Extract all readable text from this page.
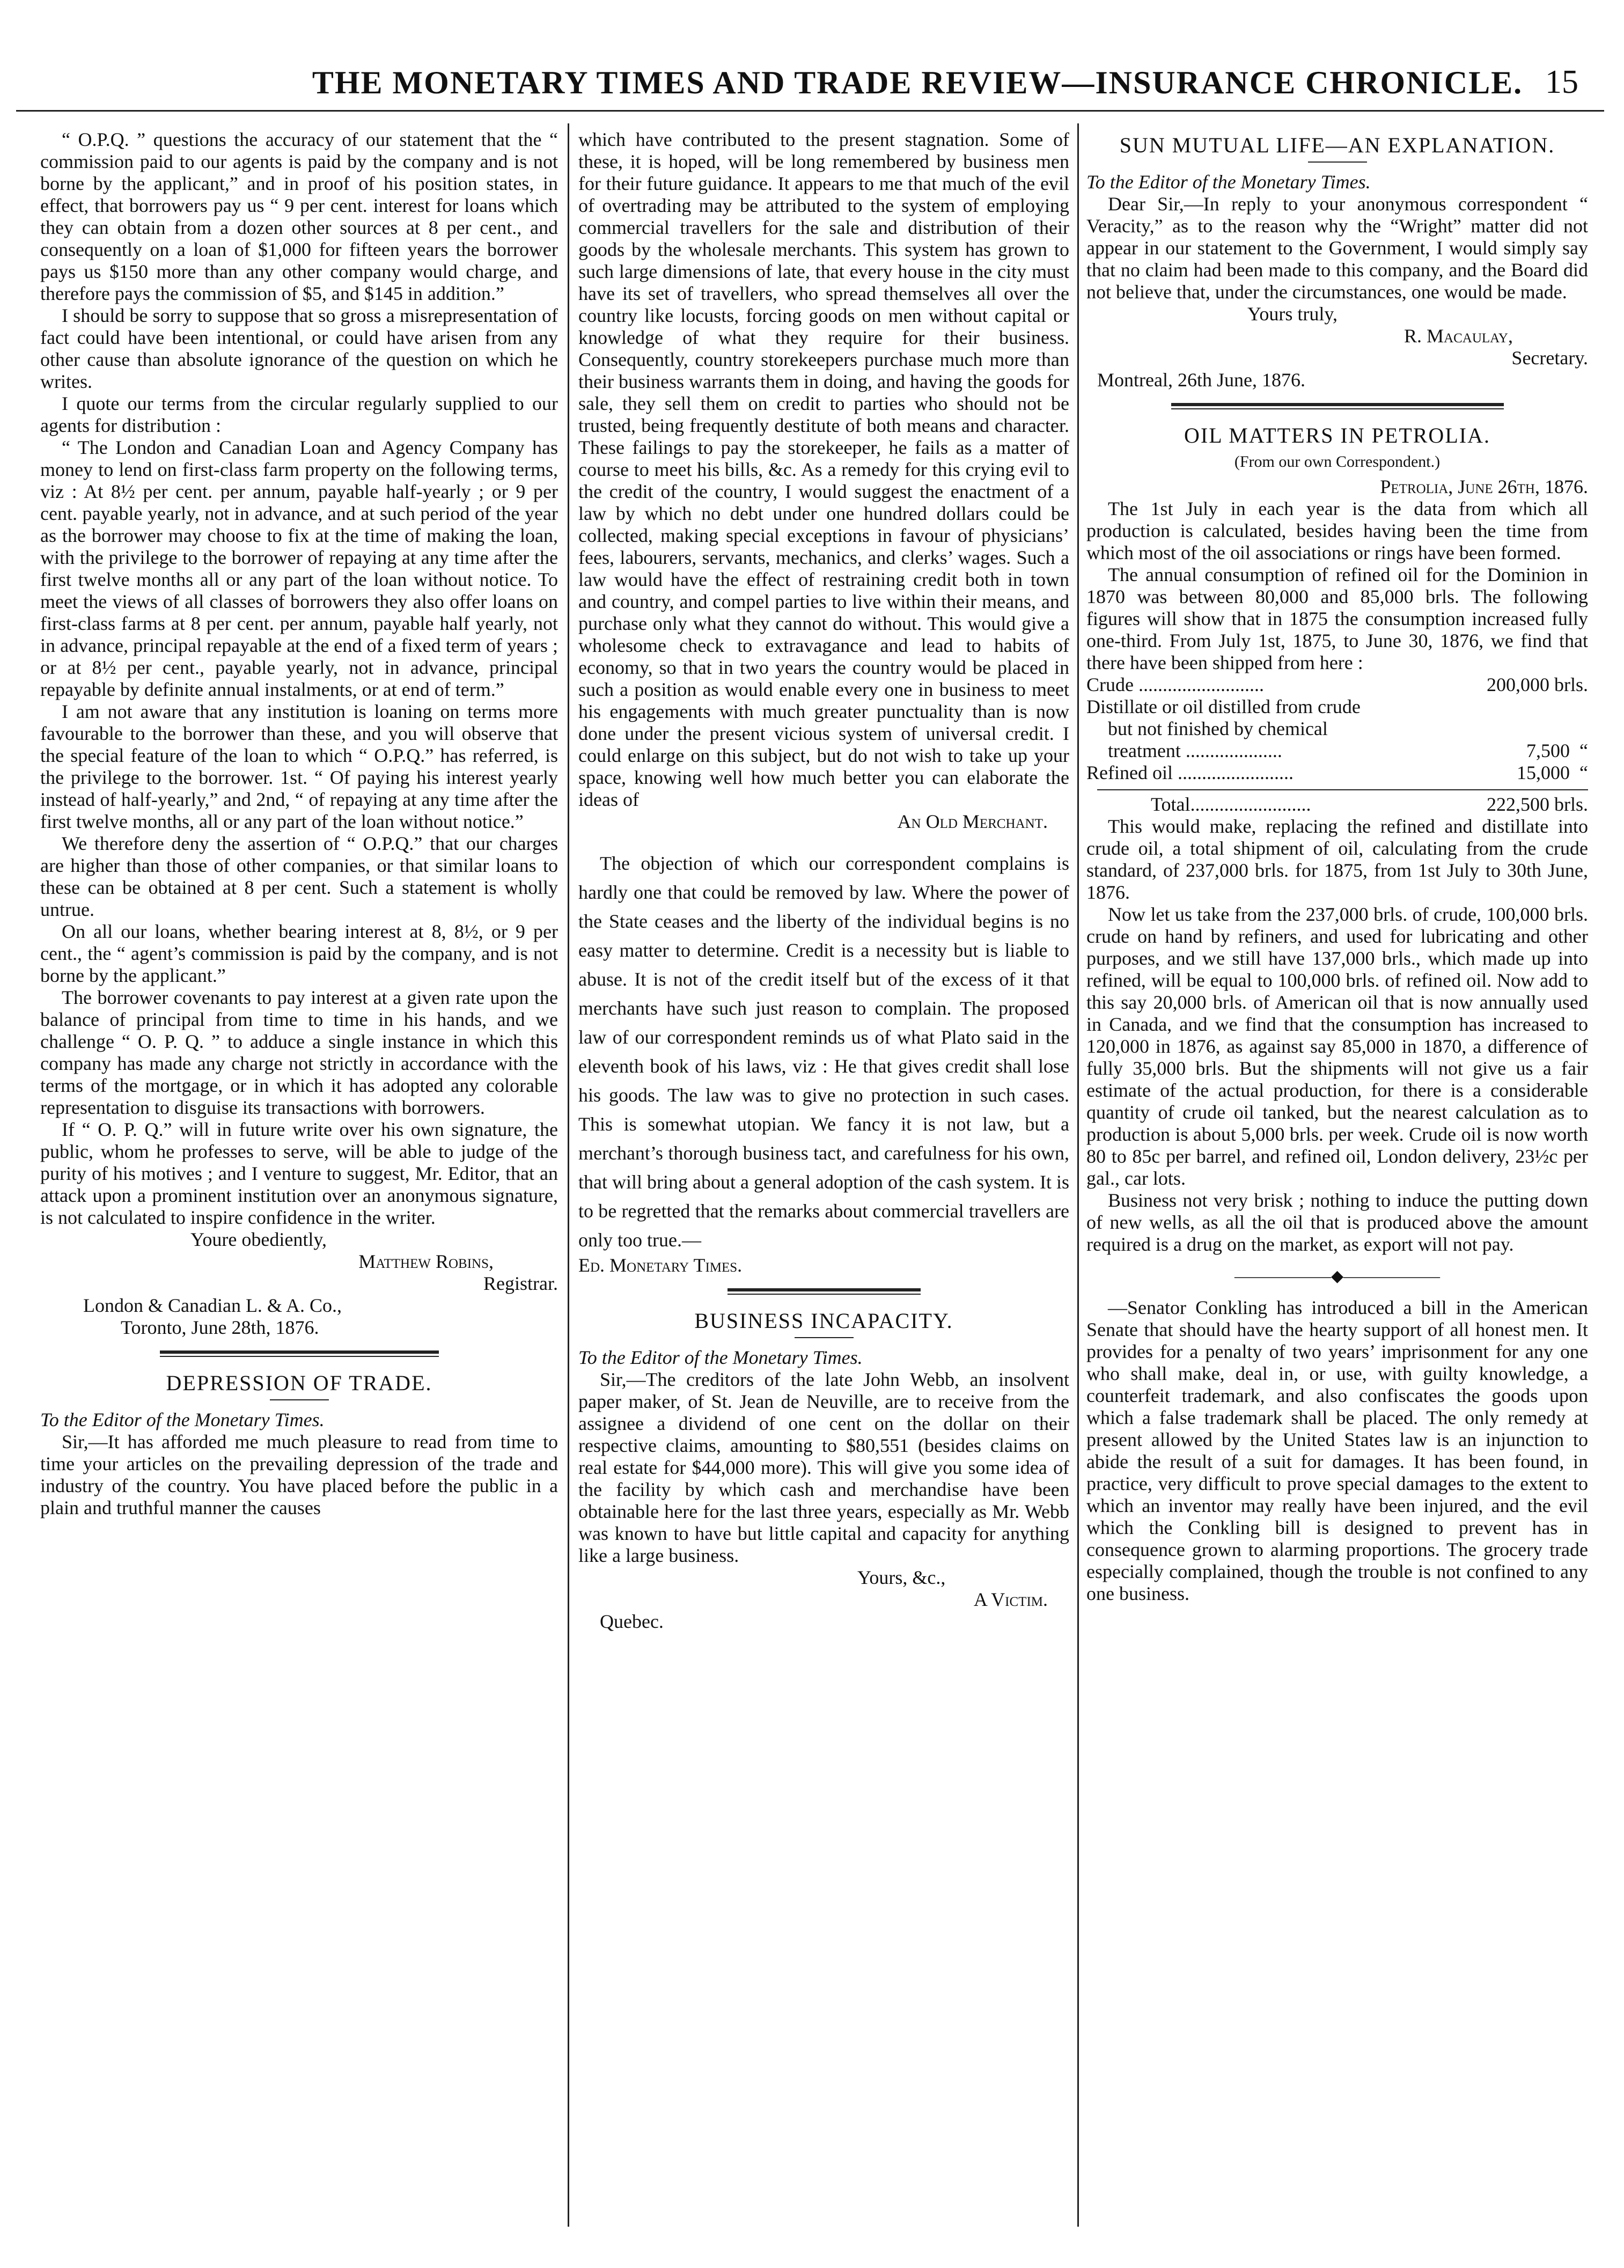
THE MONETARY TIMES AND TRADE REVIEW—INSURANCE CHRONICLE. 15

“ O.P.Q. ” questions the accuracy of our statement that the “ commission paid to our agents is paid by the company and is not borne by the applicant,” and in proof of his position states, in effect, that borrowers pay us “ 9 per cent. interest for loans which they can obtain from a dozen other sources at 8 per cent., and consequently on a loan of $1,000 for fifteen years the borrower pays us $150 more than any other company would charge, and therefore pays the commission of $5, and $145 in addition.”

I should be sorry to suppose that so gross a misrepresentation of fact could have been intentional, or could have arisen from any other cause than absolute ignorance of the question on which he writes.

I quote our terms from the circular regularly supplied to our agents for distribution :

“ The London and Canadian Loan and Agency Company has money to lend on first-class farm property on the following terms, viz : At 8½ per cent. per annum, payable half-yearly ; or 9 per cent. payable yearly, not in advance, and at such period of the year as the borrower may choose to fix at the time of making the loan, with the privilege to the borrower of repaying at any time after the first twelve months all or any part of the loan without notice. To meet the views of all classes of borrowers they also offer loans on first-class farms at 8 per cent. per annum, payable half yearly, not in advance, principal repayable at the end of a fixed term of years ; or at 8½ per cent., payable yearly, not in advance, principal repayable by definite annual instalments, or at end of term.”

I am not aware that any institution is loaning on terms more favourable to the borrower than these, and you will observe that the special feature of the loan to which “ O.P.Q.” has referred, is the privilege to the borrower. 1st. “ Of paying his interest yearly instead of half-yearly,” and 2nd, “ of repaying at any time after the first twelve months, all or any part of the loan without notice.”

We therefore deny the assertion of “ O.P.Q.” that our charges are higher than those of other companies, or that similar loans to these can be obtained at 8 per cent. Such a statement is wholly untrue.

On all our loans, whether bearing interest at 8, 8½, or 9 per cent., the “ agent’s commission is paid by the company, and is not borne by the applicant.”

The borrower covenants to pay interest at a given rate upon the balance of principal from time to time in his hands, and we challenge “ O. P. Q. ” to adduce a single instance in which this company has made any charge not strictly in accordance with the terms of the mortgage, or in which it has adopted any colorable representation to disguise its transactions with borrowers.

If “ O. P. Q.” will in future write over his own signature, the public, whom he professes to serve, will be able to judge of the purity of his motives ; and I venture to suggest, Mr. Editor, that an attack upon a prominent institution over an anonymous signature, is not calculated to inspire confidence in the writer.

Youre obediently,

Matthew Robins,

Registrar.

London & Canadian L. & A. Co.,

Toronto, June 28th, 1876.

DEPRESSION OF TRADE.

To the Editor of the Monetary Times.

Sir,—It has afforded me much pleasure to read from time to time your articles on the prevailing depression of the trade and industry of the country. You have placed before the public in a plain and truthful manner the causes

which have contributed to the present stagnation. Some of these, it is hoped, will be long remembered by business men for their future guidance. It appears to me that much of the evil of overtrading may be attributed to the system of employing commercial travellers for the sale and distribution of their goods by the wholesale merchants. This system has grown to such large dimensions of late, that every house in the city must have its set of travellers, who spread themselves all over the country like locusts, forcing goods on men without capital or knowledge of what they require for their business. Consequently, country storekeepers purchase much more than their business warrants them in doing, and having the goods for sale, they sell them on credit to parties who should not be trusted, being frequently destitute of both means and character. These failings to pay the storekeeper, he fails as a matter of course to meet his bills, &c. As a remedy for this crying evil to the credit of the country, I would suggest the enactment of a law by which no debt under one hundred dollars could be collected, making special exceptions in favour of physicians’ fees, labourers, servants, mechanics, and clerks’ wages. Such a law would have the effect of restraining credit both in town and country, and compel parties to live within their means, and purchase only what they cannot do without. This would give a wholesome check to extravagance and lead to habits of economy, so that in two years the country would be placed in such a position as would enable every one in business to meet his engagements with much greater punctuality than is now done under the present vicious system of universal credit. I could enlarge on this subject, but do not wish to take up your space, knowing well how much better you can elaborate the ideas of

An Old Merchant.

The objection of which our correspondent complains is hardly one that could be removed by law. Where the power of the State ceases and the liberty of the individual begins is no easy matter to determine. Credit is a necessity but is liable to abuse. It is not of the credit itself but of the excess of it that merchants have such just reason to complain. The proposed law of our correspondent reminds us of what Plato said in the eleventh book of his laws, viz : He that gives credit shall lose his goods. The law was to give no protection in such cases. This is somewhat utopian. We fancy it is not law, but a merchant’s thorough business tact, and carefulness for his own, that will bring about a general adoption of the cash system. It is to be regretted that the remarks about commercial travellers are only too true.—

Ed. Monetary Times.

BUSINESS INCAPACITY.

To the Editor of the Monetary Times.

Sir,—The creditors of the late John Webb, an insolvent paper maker, of St. Jean de Neuville, are to receive from the assignee a dividend of one cent on the dollar on their respective claims, amounting to $80,551 (besides claims on real estate for $44,000 more). This will give you some idea of the facility by which cash and merchandise have been obtainable here for the last three years, especially as Mr. Webb was known to have but little capital and capacity for anything like a large business.

Yours, &c.,

A Victim.

Quebec.

SUN MUTUAL LIFE—AN EXPLANATION.

To the Editor of the Monetary Times.

Dear Sir,—In reply to your anonymous correspondent “ Veracity,” as to the reason why the “Wright” matter did not appear in our statement to the Government, I would simply say that no claim had been made to this company, and the Board did not believe that, under the circumstances, one would be made.

Yours truly,

R. Macaulay,

Secretary.

Montreal, 26th June, 1876.

OIL MATTERS IN PETROLIA.
(From our own Correspondent.)

Petrolia, June 26th, 1876.

The 1st July in each year is the data from which all production is calculated, besides having been the time from which most of the oil associations or rings have been formed.

The annual consumption of refined oil for the Dominion in 1870 was between 80,000 and 85,000 brls. The following figures will show that in 1875 the consumption increased fully one-third. From July 1st, 1875, to June 30, 1876, we find that there have been shipped from here :

Crude ..........................	200,000 brls.
Distillate or oil distilled from crude
but not finished by chemical
treatment ....................	7,500  “
Refined oil ........................	15,000  “
Total.........................	222,500 brls.

This would make, replacing the refined and distillate into crude oil, a total shipment of oil, calculating from the crude standard, of 237,000 brls. for 1875, from 1st July to 30th June, 1876.

Now let us take from the 237,000 brls. of crude, 100,000 brls. crude on hand by refiners, and used for lubricating and other purposes, and we still have 137,000 brls., which made up into refined, will be equal to 100,000 brls. of refined oil. Now add to this say 20,000 brls. of American oil that is now annually used in Canada, and we find that the consumption has increased to 120,000 in 1876, as against say 85,000 in 1870, a difference of fully 35,000 brls. But the shipments will not give us a fair estimate of the actual production, for there is a considerable quantity of crude oil tanked, but the nearest calculation as to production is about 5,000 brls. per week. Crude oil is now worth 80 to 85c per barrel, and refined oil, London delivery, 23½c per gal., car lots.

Business not very brisk ; nothing to induce the putting down of new wells, as all the oil that is produced above the amount required is a drug on the market, as export will not pay.

——————◆——————

—Senator Conkling has introduced a bill in the American Senate that should have the hearty support of all honest men. It provides for a penalty of two years’ imprisonment for any one who shall make, deal in, or use, with guilty knowledge, a counterfeit trademark, and also confiscates the goods upon which a false trademark shall be placed. The only remedy at present allowed by the United States law is an injunction to abide the result of a suit for damages. It has been found, in practice, very difficult to prove special damages to the extent to which an inventor may really have been injured, and the evil which the Conkling bill is designed to prevent has in consequence grown to alarming proportions. The grocery trade especially complained, though the trouble is not confined to any one business.
